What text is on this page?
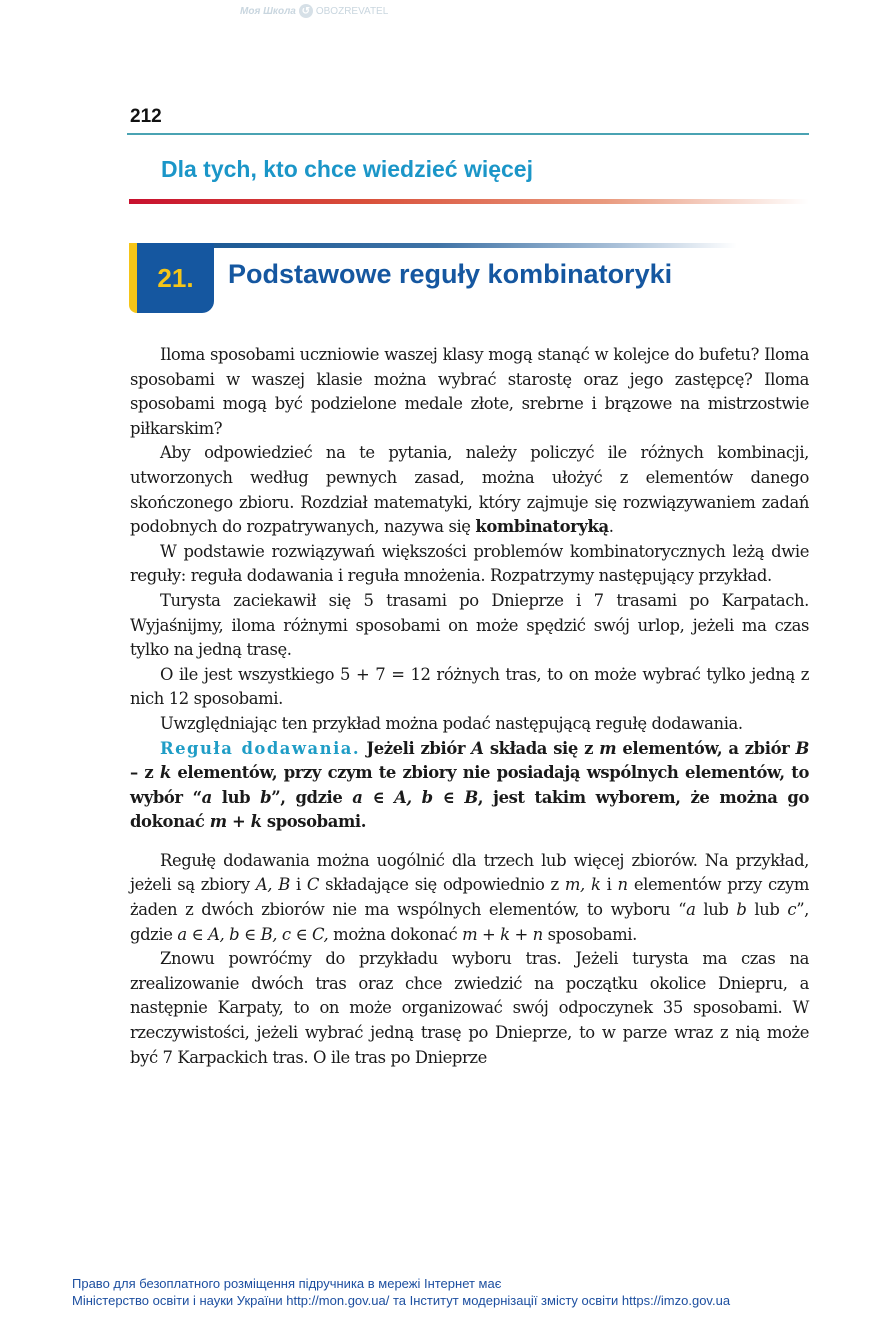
Моя Школа ↺ OBOZREVATEL
212
Dla tych, kto chce wiedzieć więcej
21. Podstawowe reguły kombinatoryki

Iloma sposobami uczniowie waszej klasy mogą stanąć w kolejce do bufetu? Iloma sposobami w waszej klasie można wybrać starostę oraz jego zastępcę? Iloma sposobami mogą być podzielone medale złote, srebrne i brązowe na mistrzostwie piłkarskim?

Aby odpowiedzieć na te pytania, należy policzyć ile różnych kombinacji, utworzonych według pewnych zasad, można ułożyć z elementów danego skończonego zbioru. Rozdział matematyki, który zajmuje się rozwiązywaniem zadań podobnych do rozpatrywanych, nazywa się kombinatoryką.

W podstawie rozwiązywań większości problemów kombinatorycznych leżą dwie reguły: reguła dodawania i reguła mnożenia. Rozpatrzymy następujący przykład.

Turysta zaciekawił się 5 trasami po Dnieprze i 7 trasami po Karpatach. Wyjaśnijmy, iloma różnymi sposobami on może spędzić swój urlop, jeżeli ma czas tylko na jedną trasę.

O ile jest wszystkiego 5 + 7 = 12 różnych tras, to on może wybrać tylko jedną z nich 12 sposobami.

Uwzględniając ten przykład można podać następującą regułę dodawania.

Reguła dodawania. Jeżeli zbiór A składa się z m elementów, a zbiór B – z k elementów, przy czym te zbiory nie posiadają wspólnych elementów, to wybór “a lub b”, gdzie a ∈ A, b ∈ B, jest takim wyborem, że można go dokonać m + k sposobami.

Regułę dodawania można uogólnić dla trzech lub więcej zbiorów. Na przykład, jeżeli są zbiory A, B i C składające się odpowiednio z m, k i n elementów przy czym żaden z dwóch zbiorów nie ma wspólnych elementów, to wyboru “a lub b lub c”, gdzie a ∈ A, b ∈ B, c ∈ C, można dokonać m + k + n sposobami.

Znowu powróćmy do przykładu wyboru tras. Jeżeli turysta ma czas na zrealizowanie dwóch tras oraz chce zwiedzić na początku okolice Dniepru, a następnie Karpaty, to on może organizować swój odpoczynek 35 sposobami. W rzeczywistości, jeżeli wybrać jedną trasę po Dnieprze, to w parze wraz z nią może być 7 Karpackich tras. O ile tras po Dnieprze

Право для безоплатного розміщення підручника в мережі Інтернет має
Міністерство освіти і науки України http://mon.gov.ua/ та Інститут модернізації змісту освіти https://imzo.gov.ua
